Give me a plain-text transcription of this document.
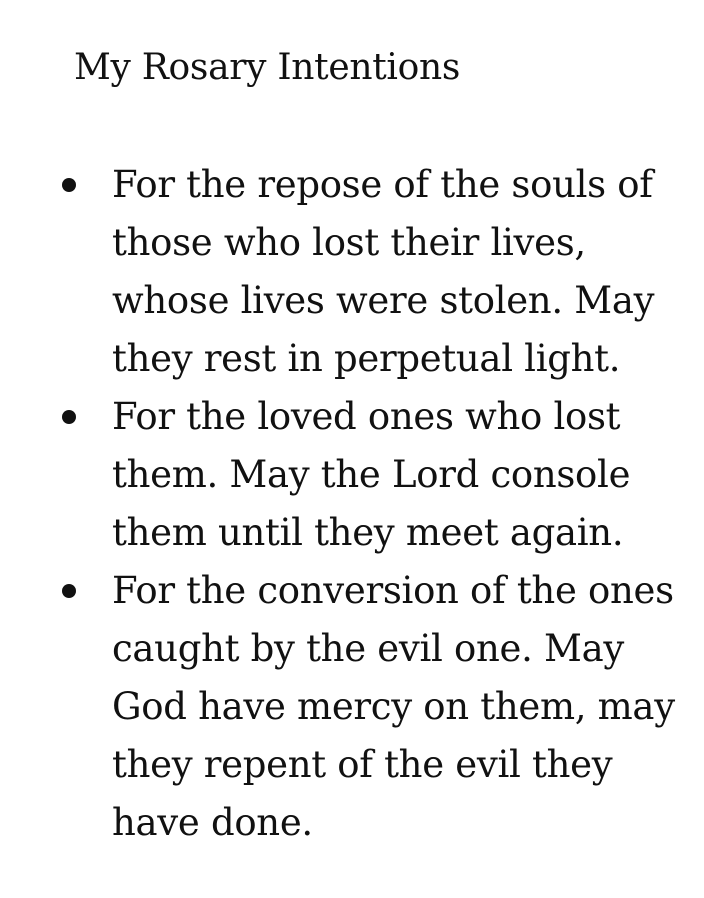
My Rosary Intentions
For the repose of the souls of
those who lost their lives,
whose lives were stolen. May
they rest in perpetual light.
For the loved ones who lost
them. May the Lord console
them until they meet again.
For the conversion of the ones
caught by the evil one. May
God have mercy on them, may
they repent of the evil they
have done.
